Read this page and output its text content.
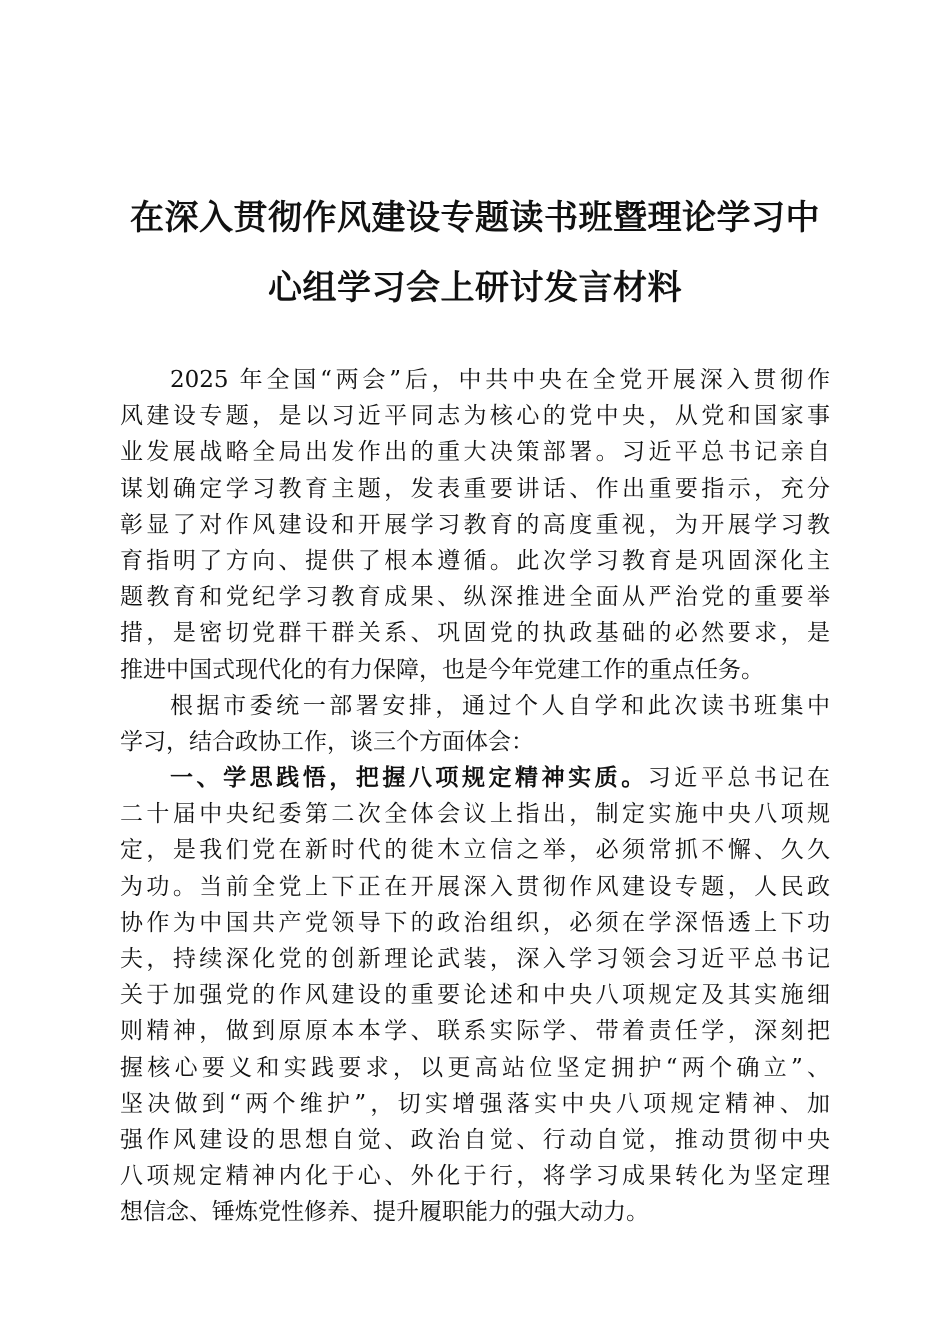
在深入贯彻作风建设专题读书班暨理论学习中
心组学习会上研讨发言材料
2025 年全国“两会”后，中共中央在全党开展深入贯彻作
风建设专题，是以习近平同志为核心的党中央，从党和国家事
业发展战略全局出发作出的重大决策部署。习近平总书记亲自
谋划确定学习教育主题，发表重要讲话、作出重要指示，充分
彰显了对作风建设和开展学习教育的高度重视，为开展学习教
育指明了方向、提供了根本遵循。此次学习教育是巩固深化主
题教育和党纪学习教育成果、纵深推进全面从严治党的重要举
措，是密切党群干群关系、巩固党的执政基础的必然要求，是
推进中国式现代化的有力保障，也是今年党建工作的重点任务。
根据市委统一部署安排，通过个人自学和此次读书班集中
学习，结合政协工作，谈三个方面体会：
一、学思践悟，把握八项规定精神实质。习近平总书记在
二十届中央纪委第二次全体会议上指出，制定实施中央八项规
定，是我们党在新时代的徙木立信之举，必须常抓不懈、久久
为功。当前全党上下正在开展深入贯彻作风建设专题，人民政
协作为中国共产党领导下的政治组织，必须在学深悟透上下功
夫，持续深化党的创新理论武装，深入学习领会习近平总书记
关于加强党的作风建设的重要论述和中央八项规定及其实施细
则精神，做到原原本本学、联系实际学、带着责任学，深刻把
握核心要义和实践要求，以更高站位坚定拥护“两个确立”、
坚决做到“两个维护”，切实增强落实中央八项规定精神、加
强作风建设的思想自觉、政治自觉、行动自觉，推动贯彻中央
八项规定精神内化于心、外化于行，将学习成果转化为坚定理
想信念、锤炼党性修养、提升履职能力的强大动力。
